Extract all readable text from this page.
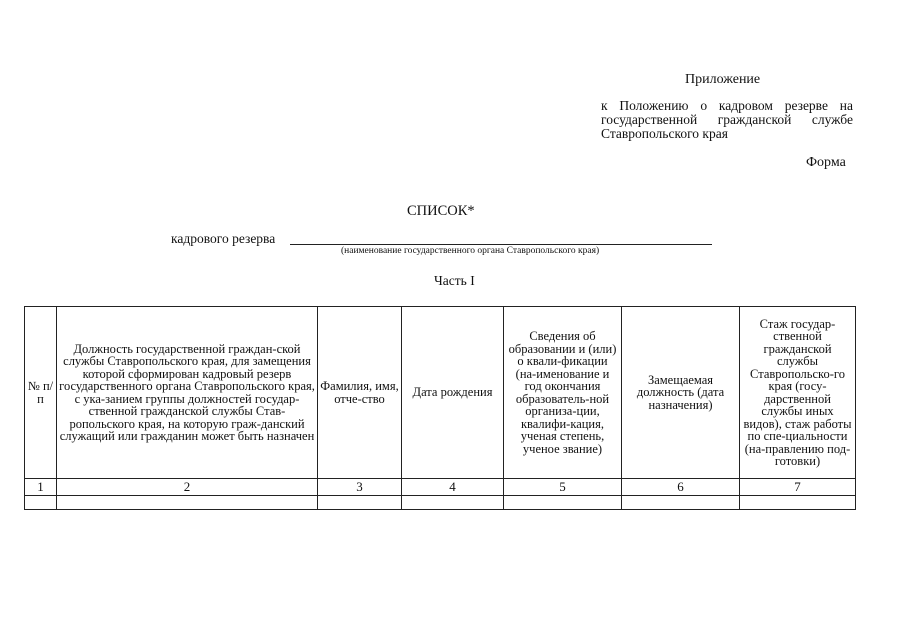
Приложение
к Положению о кадровом резерве на государственной гражданской службе Ставропольского края
Форма
СПИСОК*
кадрового резерва
(наименование государственного органа Ставропольского края)
Часть I
№ п/п	Должность государственной граждан-ской службы Ставропольского края, для замещения которой сформирован кадровый резерв государственного органа Ставропольского края, с ука-занием группы должностей государ-ственной гражданской службы Став-ропольского края, на которую граж-данский служащий или гражданин может быть назначен	Фамилия, имя, отче-ство	Дата рождения	Сведения об образовании и (или) о квали-фикации (на-именование и год окончания образователь-ной организа-ции, квалифи-кация, ученая степень, ученое звание)	Замещаемая должность (дата назначения)	Стаж государ-ственной гражданской службы Ставропольско-го края (госу-дарственной службы иных видов), стаж работы по спе-циальности (на-правлению под-готовки)
1	2	3	4	5	6	7
